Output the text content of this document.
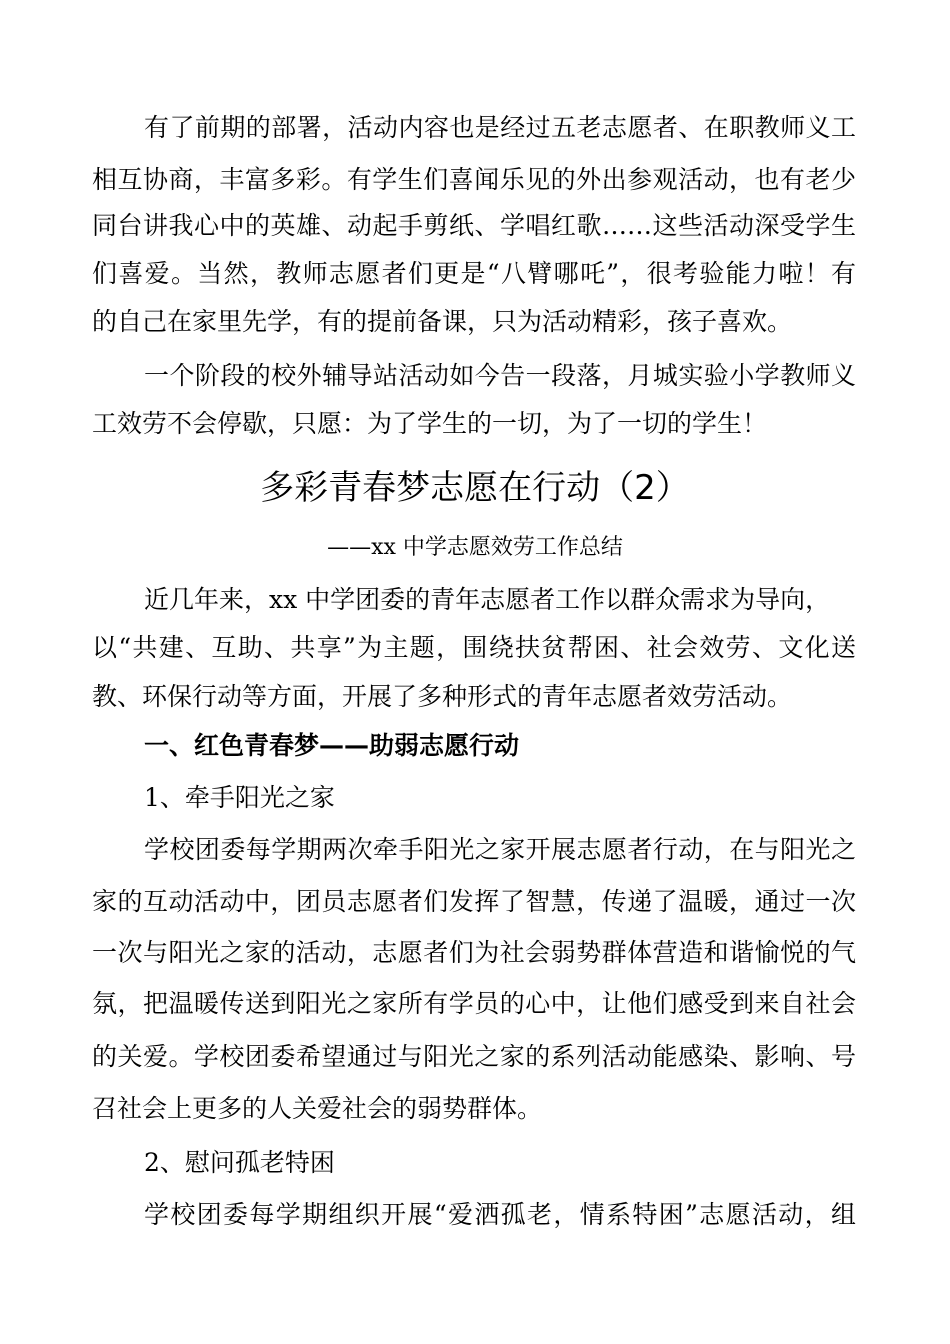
有了前期的部署，活动内容也是经过五老志愿者、在职教师义工
相互协商，丰富多彩。有学生们喜闻乐见的外出参观活动，也有老少
同台讲我心中的英雄、动起手剪纸、学唱红歌……这些活动深受学生
们喜爱。当然，教师志愿者们更是“八臂哪吒”，很考验能力啦！有
的自己在家里先学，有的提前备课，只为活动精彩，孩子喜欢。
一个阶段的校外辅导站活动如今告一段落，月城实验小学教师义
工效劳不会停歇，只愿：为了学生的一切，为了一切的学生！
多彩青春梦志愿在行动（2）
——xx 中学志愿效劳工作总结
近几年来，xx 中学团委的青年志愿者工作以群众需求为导向，
以“共建、互助、共享”为主题，围绕扶贫帮困、社会效劳、文化送
教、环保行动等方面，开展了多种形式的青年志愿者效劳活动。
一、红色青春梦——助弱志愿行动
1、牵手阳光之家
学校团委每学期两次牵手阳光之家开展志愿者行动，在与阳光之
家的互动活动中，团员志愿者们发挥了智慧，传递了温暖，通过一次
一次与阳光之家的活动，志愿者们为社会弱势群体营造和谐愉悦的气
氛，把温暖传送到阳光之家所有学员的心中，让他们感受到来自社会
的关爱。学校团委希望通过与阳光之家的系列活动能感染、影响、号
召社会上更多的人关爱社会的弱势群体。
2、慰问孤老特困
学校团委每学期组织开展“爱洒孤老，情系特困”志愿活动，组
